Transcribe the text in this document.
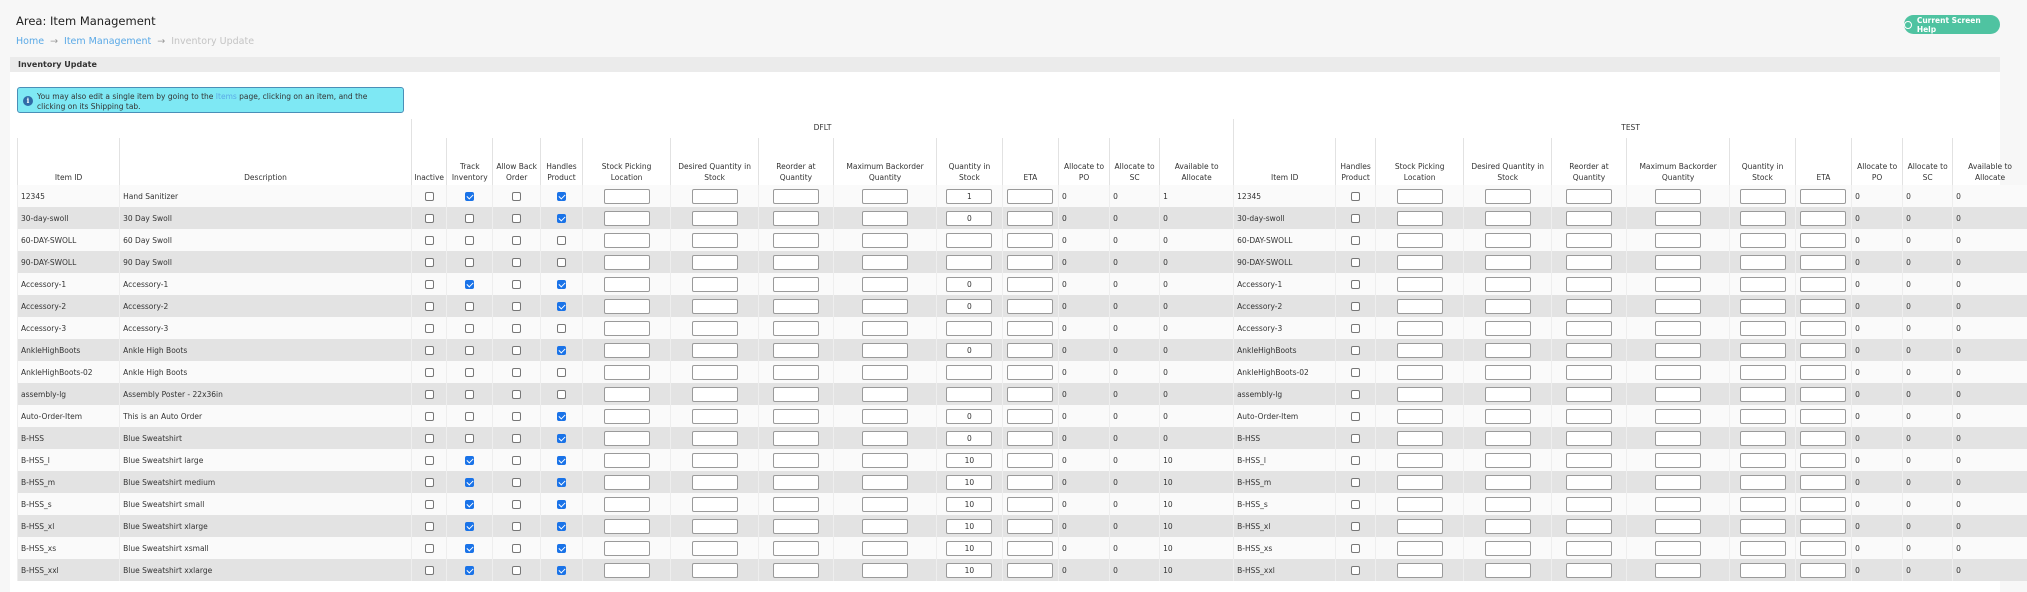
Area: Item Management
Home → Item Management → Inventory Update
Current Screen Help
Inventory Update
i	You may also edit a single item by going to the Items page, clicking on an item, and the clicking on its Shipping tab.
		DFLT													TEST										
Item ID	Description	Inactive	Track Inventory	Allow Back Order	Handles Product	Stock Picking Location	Desired Quantity in Stock	Reorder at Quantity	Maximum Backorder Quantity	Quantity in Stock	ETA	Allocate to PO	Allocate to SC	Available to Allocate	Item ID	Handles Product	Stock Picking Location	Desired Quantity in Stock	Reorder at Quantity	Maximum Backorder Quantity	Quantity in Stock	ETA	Allocate to PO	Allocate to SC	Available to Allocate
12345	Hand Sanitizer									1		0	0	1	12345								0	0	0
30-day-swoll	30 Day Swoll									0		0	0	0	30-day-swoll								0	0	0
60-DAY-SWOLL	60 Day Swoll											0	0	0	60-DAY-SWOLL								0	0	0
90-DAY-SWOLL	90 Day Swoll											0	0	0	90-DAY-SWOLL								0	0	0
Accessory-1	Accessory-1									0		0	0	0	Accessory-1								0	0	0
Accessory-2	Accessory-2									0		0	0	0	Accessory-2								0	0	0
Accessory-3	Accessory-3											0	0	0	Accessory-3								0	0	0
AnkleHighBoots	Ankle High Boots									0		0	0	0	AnkleHighBoots								0	0	0
AnkleHighBoots-02	Ankle High Boots											0	0	0	AnkleHighBoots-02								0	0	0
assembly-lg	Assembly Poster - 22x36in											0	0	0	assembly-lg								0	0	0
Auto-Order-Item	This is an Auto Order									0		0	0	0	Auto-Order-Item								0	0	0
B-HSS	Blue Sweatshirt									0		0	0	0	B-HSS								0	0	0
B-HSS_l	Blue Sweatshirt large									10		0	0	10	B-HSS_l								0	0	0
B-HSS_m	Blue Sweatshirt medium									10		0	0	10	B-HSS_m								0	0	0
B-HSS_s	Blue Sweatshirt small									10		0	0	10	B-HSS_s								0	0	0
B-HSS_xl	Blue Sweatshirt xlarge									10		0	0	10	B-HSS_xl								0	0	0
B-HSS_xs	Blue Sweatshirt xsmall									10		0	0	10	B-HSS_xs								0	0	0
B-HSS_xxl	Blue Sweatshirt xxlarge									10		0	0	10	B-HSS_xxl								0	0	0
